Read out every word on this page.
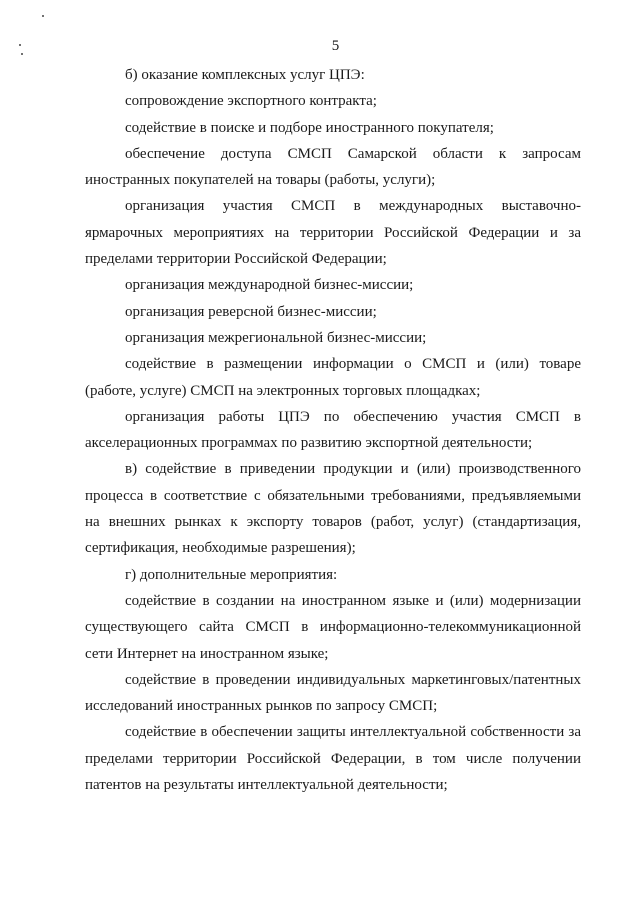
5

б) оказание комплексных услуг ЦПЭ:

сопровождение экспортного контракта;

содействие в поиске и подборе иностранного покупателя;

обеспечение доступа СМСП Самарской области к запросам иностранных покупателей на товары (работы, услуги);

организация участия СМСП в международных выставочно-ярмарочных мероприятиях на территории Российской Федерации и за пределами территории Российской Федерации;

организация международной бизнес-миссии;

организация реверсной бизнес-миссии;

организация межрегиональной бизнес-миссии;

содействие в размещении информации о СМСП и (или) товаре (работе, услуге) СМСП на электронных торговых площадках;

организация работы ЦПЭ по обеспечению участия СМСП в акселерационных программах по развитию экспортной деятельности;

в) содействие в приведении продукции и (или) производственного процесса в соответствие с обязательными требованиями, предъявляемыми на внешних рынках к экспорту товаров (работ, услуг) (стандартизация, сертификация, необходимые разрешения);

г) дополнительные мероприятия:

содействие в создании на иностранном языке и (или) модернизации существующего сайта СМСП в информационно-телекоммуникационной сети Интернет на иностранном языке;

содействие в проведении индивидуальных маркетинговых/патентных исследований иностранных рынков по запросу СМСП;

содействие в обеспечении защиты интеллектуальной собственности за пределами территории Российской Федерации, в том числе получении патентов на результаты интеллектуальной деятельности;
